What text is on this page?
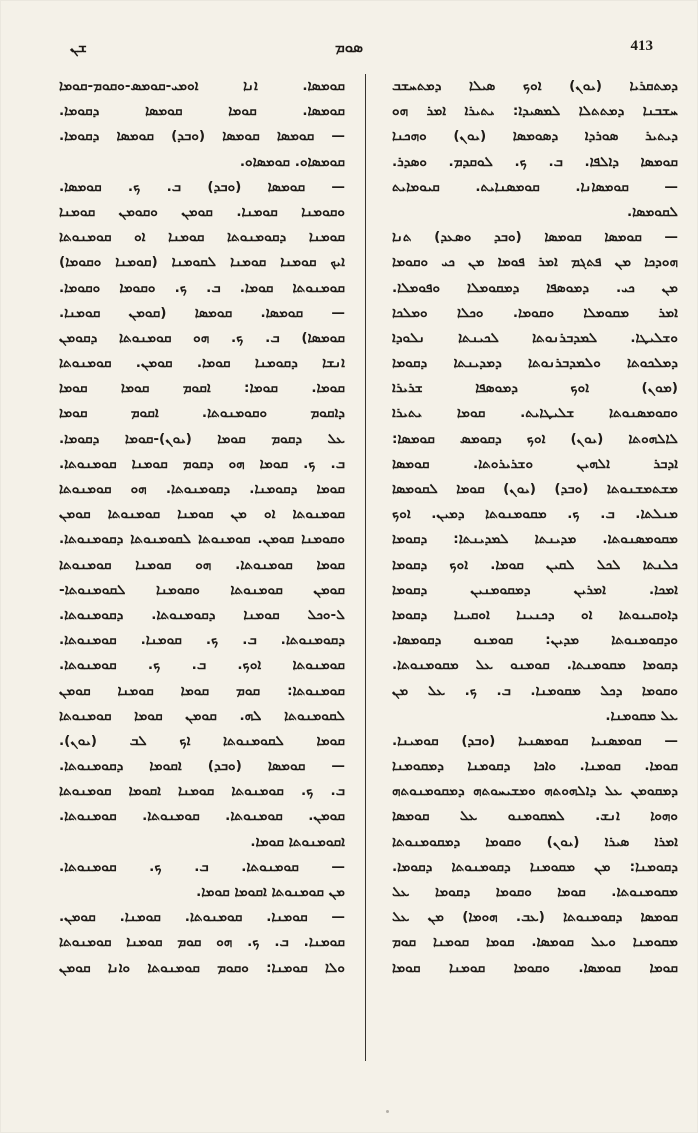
ܫܢ	ܣܘܡ	413
ܩܘܡܣܐ. ܐܢܐ ܐܘܡܝ-ܩܘܡܣ-ܘܩܘܡ-ܩܘܡܐ
ܩܘܡܣܐ. ܩܘܡܐ ܩܘܡܣܐ ܕܩܘܡܐ.
— ܩܘܡܣܐ ܩܘܡܣܐ (ܘܒܕ) ܩܘܡܣܐ ܕܩܘܡܐ.
ܩܘܡܣܐܘ. ܩܘܡܣܐܘ.
— ܩܘܡܣܐ (ܘܒܕ) ܒ. ܟ. ܩܘܡܣܐ.
ܘܩܘܡܢܐ ܩܘܡܢܐ. ܩܘܡܢ ܘܩܘܡܢ ܩܘܡܢܐ
ܩܘܡܢܐ ܕܩܘܡܢܘܬܐ ܩܘܡܢܐ ܐܘ ܩܘܡܢܘܬܐ
ܐܝܟ ܩܘܡܢܐ ܩܘܡܢܐ ܠܩܘܡܢܐ (ܩܘܡܢܐ ܘܩܘܡܐ)
ܩܘܡܢܘܬܐ ܩܘܡܐ. ܒ. ܟ. ܘܩܘܡܐ ܘܩܘܡܐ.
— ܩܘܡܣܐ. ܩܘܡܣܐ (ܩܘܡܢ ܩܘܡܢܐ.
ܩܘܡܣܐ) ܒ. ܟ. ܗܘ ܩܘܡܢܘܬܐ ܕܩܘܡܢ
ܐܢܫܐ ܕܩܘܡܢܐ ܩܘܡܐ. ܩܘܡܢ. ܩܘܡܢܘܬܐ
ܩܘܡܐ. ܩܘܡܐ: ܐܩܘܡ ܩܘܡܐ ܩܘܡܐ
ܕܐܩܘܡ ܘܩܘܡܢܘܬܐ. ܐܩܘܡ ܩܘܡܐ
ܥܠ ܕܩܘܡ ܩܘܡܐ (ܝܘܢ)-ܩܘܡܐ ܕܩܘܡܐ.
ܒ. ܟ. ܩܘܡܐ ܗܘ ܕܩܘܡ ܩܘܡܢܐ ܩܘܡܢܘܬܐ.
ܩܘܡܐ ܕܩܘܡܢܐ. ܕܩܘܡܢܘܬܐ. ܗܘ ܩܘܡܢܘܬܐ
ܩܘܡܢܘܬܐ ܐܘ ܡܢ ܩܘܡܢܐ ܩܘܡܢܘܬܐ ܩܘܡܢ
ܘܩܘܡܢܐ ܩܘܡܢ. ܩܘܡܢܘܬܐ ܠܩܘܡܢܘܬܐ ܕܩܘܡܢܘܬܐ.
ܩܘܡܐ ܩܘܡܢܘܬܐ. ܗܘ ܩܘܡܢܐ ܩܘܡܢܘܬܐ
ܩܘܡܢ ܩܘܡܢܘܬܐ ܘܩܘܡܢܐ ܠܩܘܡܢܘܬܐ-
ܠ-ܘܟܠ ܩܘܡܢܐ ܕܩܘܡܢܘܬܐ. ܕܩܘܡܢܘܬܐ.
ܕܩܘܡܢܘܬܐ. ܒ. ܟ. ܩܘܡܢܐ. ܩܘܡܢܘܬܐ.
ܩܘܡܢܘܬܐ ܐܘܟ. ܒ. ܟ. ܩܘܡܢܘܬܐ.
ܩܘܡܢܘܬܐ: ܩܘܡ ܩܘܡܐ ܩܘܡܢܐ ܩܘܡܢ
ܠܩܘܡܢܘܬܐ ܠܗ. ܩܘܡܢ ܩܘܡܐ ܩܘܡܢܘܬܐ
ܩܘܡܐ ܠܩܘܡܢܘܬܐ ܐܟ ܠܒ (ܝܘܢ).
— ܩܘܡܣܐ (ܘܒܕ) ܐܩܘܡܐ ܕܩܘܡܢܘܬܐ.
ܒ. ܟ. ܩܘܡܢܘܬܐ ܩܘܡܢܐ ܐܩܘܡܐ ܩܘܡܢܘܬܐ
ܩܘܡܢ. ܩܘܡܢܘܬܐ. ܩܘܡܢܘܬܐ. ܩܘܡܢܘܬܐ.
ܐܩܘܡܢܘܬܐ ܩܘܡܐ.
— ܩܘܡܢܘܬܐ. ܒ. ܟ. ܩܘܡܢܘܬܐ.
ܡܢ ܩܘܡܢܘܬܐ ܐܩܘܡܐ ܩܘܡܐ.
— ܩܘܡܢܐ. ܩܘܡܢܘܬܐ. ܩܘܡܢܐ. ܩܘܡܢ.
ܩܘܡܢܐ. ܒ. ܟ. ܗܘ ܩܘܡ ܩܘܡܢܐ ܩܘܡܢܘܬܐ
ܘܠܐ ܩܘܡܢܐ: ܘܩܘܡ ܩܘܡܢܘܬܐ ܘܐܢܐ ܩܘܡܢ
ܕܡܬܩܪܝܐ (ܝܘܢ) ܐܘܟ ܣܝܠܐ ܕܡܬܚܫܒ
ܚܫܒܢܐ ܕܡܬܬܠܐ ܠܡܣܝܕܐ: ܝܬܝܪܐ ܐܡܪ ܗܘ
ܕܝܬܝܪ ܣܘܪܕܐ ܕܣܘܡܣܐ (ܝܘܢ) ܘܗܟܢܐ
ܩܘܡܣܐ ܕܐܠܦܐ. ܒ. ܟ. ܠܘܩܕܡ. ܘܣܕܪ.
— ܩܘܡܣܐܢܐ. ܩܘܡܣܢܐܝܬ. ܩܝܘܡܐܝܬ
ܠܩܘܡܣܐ.
— ܩܘܡܣܐ ܩܘܡܣܐ (ܘܒܕ ܘܣܥܕ) ܬܢܐ
ܗܘܕܟܐ ܡܢ ܦܬܓܡ ܐܡܪ ܦܘܡܐ ܡܢ ܟܝ ܘܩܘܡܐ
ܡܢ ܟܝ. ܕܡܘܣܦܐ ܕܡܩܘܡܠܐ ܘܦܘܡܠܐ.
ܐܡܪ ܡܩܘܡܠܐ ܘܩܘܡܐ. ܘܟܠܐ ܘܡܠܟܐ
ܘܫܠܝܛܐ. ܠܡܕܒܪܢܘܬܐ ܠܟܝܢܬܐ ܢܠܘܕܐ
ܕܡܠܟܘܬܐ ܘܠܡܕܒܪܢܘܬܐ ܕܡܕܝܢܬܐ ܕܩܘܡܐ
(ܡܘܢ) ܐܘܟ ܕܡܘܣܦܐ ܫܪܝܪܐ
ܘܩܘܡܣܢܘܬܐ ܫܠܝܛܐܝܬ. ܩܘܡܐ ܝܬܝܪܐ
ܠܐܠܗܘܬܐ (ܝܘܢ) ܐܘܟ ܕܩܘܡܣ ܩܘܡܣܐ:
ܐܕܒܪ ܐܠܗܝܢ ܘܫܪܝܪܘܬܐ. ܩܘܡܣܐ
ܡܫܬܡܫܢܘܬܐ (ܘܒܕ) (ܝܘܢ) ܩܘܡܐ ܠܩܘܡܣܐ
ܡܢܠܬܐ. ܒ. ܟ. ܡܩܘܡܢܘܬܐ ܕܡܝܢ. ܐܘܟ
ܡܩܘܡܣܢܘܬܐ. ܡܕܝܢܬܐ ܠܡܕܝܢܬܐ: ܕܩܘܡܐ
ܟܠܢܬܐ ܠܟܠ ܠܩܝܢ ܩܘܡܐ. ܐܘܟ ܕܩܘܡܐ
ܐܡܟܐ. ܐܡܪܝܢ ܕܡܩܘܡܢܝܢ ܕܩܘܡܐ
ܕܐܘܩܝܢܘܬܐ ܐܘ ܕܟܢܝܢܐ ܐܘܩܝܢܐ ܕܩܘܡܐ
ܘܕܩܘܡܢܘܬܐ ܡܕܝܢ: ܩܘܡܢܘ ܕܩܘܡܣܐ.
ܕܩܘܡܐ ܡܩܘܡܢܬܐ. ܩܘܡܢܘ ܥܠ ܡܩܘܡܢܘܬܐ.
ܘܩܘܡܐ ܕܟܠ ܡܩܘܡܢܐ. ܒ. ܟ. ܥܠ ܡܢ
ܥܠ ܡܩܘܡܢܐ.
— ܩܘܡܣܢܝܐ ܩܘܡܣܢܝܐ (ܘܒܕ) ܩܘܡܝܢܐ.
ܩܘܡܐ. ܩܘܡܢܐ. ܘܐܟܐ ܕܩܘܡܢܐ ܕܡܩܘܡܢܐ
ܕܡܩܘܡܢ ܥܠ ܕܐܠܗܘܬܗ ܘܡܫܝܚܘܬܗ ܕܡܩܘܡܢܘܬܗ
ܘܗܘܐ ܐܢܫ. ܠܡܩܘܡܢܘ ܥܠ ܩܘܡܣܐ
ܐܡܪܐ ܣܝܪܐ (ܝܘܢ) ܘܩܘܡܐ ܕܡܩܘܡܢܘܬܐ
ܕܩܘܡܢܐ: ܡܢ ܡܩܘܡܢܐ ܕܩܘܡܢܘܬܐ ܕܩܘܡܐ.
ܡܩܘܡܢܘܬܐ. ܩܘܡܐ ܘܩܘܡܐ ܕܩܘܡܐ ܥܠ
ܩܘܡܣܐ ܕܩܘܡܢܘܬܐ (ܥܒ. ܗܘܡܐ) ܡܢ ܥܠ
ܡܩܘܡܢܐ ܘܥܠ ܩܘܡܣܐ. ܩܘܡܐ ܩܘܡܢܐ ܩܘܡ
ܩܘܡܐ ܩܘܡܣܐ. ܘܩܘܡܐ ܩܘܡܢܐ ܩܘܡܐ
